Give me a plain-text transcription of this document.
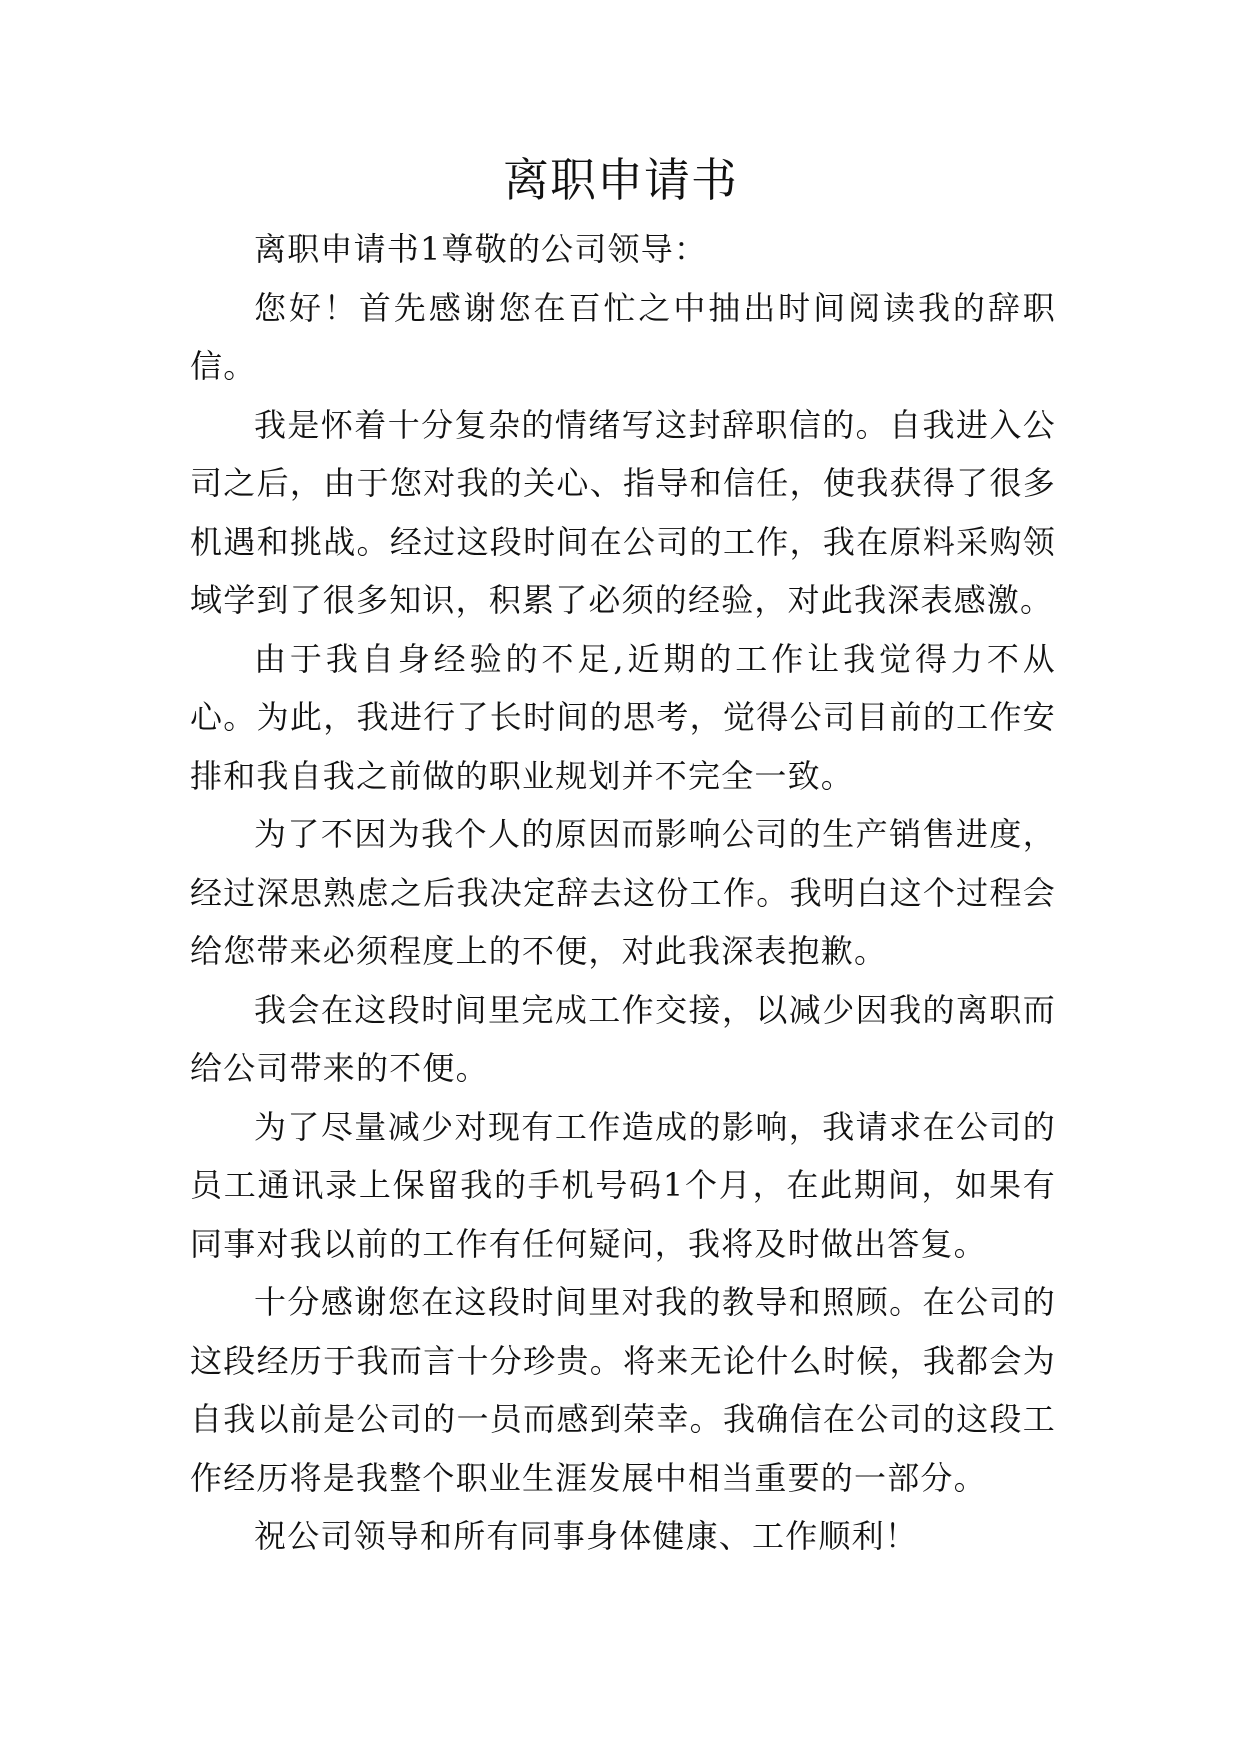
离职申请书

离职申请书1尊敬的公司领导：

您好！首先感谢您在百忙之中抽出时间阅读我的辞职信。

我是怀着十分复杂的情绪写这封辞职信的。自我进入公司之后，由于您对我的关心、指导和信任，使我获得了很多机遇和挑战。经过这段时间在公司的工作，我在原料采购领域学到了很多知识，积累了必须的经验，对此我深表感激。

由于我自身经验的不足,近期的工作让我觉得力不从心。为此，我进行了长时间的思考，觉得公司目前的工作安排和我自我之前做的职业规划并不完全一致。

为了不因为我个人的原因而影响公司的生产销售进度，经过深思熟虑之后我决定辞去这份工作。我明白这个过程会给您带来必须程度上的不便，对此我深表抱歉。

我会在这段时间里完成工作交接，以减少因我的离职而给公司带来的不便。

为了尽量减少对现有工作造成的影响，我请求在公司的员工通讯录上保留我的手机号码1个月，在此期间，如果有同事对我以前的工作有任何疑问，我将及时做出答复。

十分感谢您在这段时间里对我的教导和照顾。在公司的这段经历于我而言十分珍贵。将来无论什么时候，我都会为自我以前是公司的一员而感到荣幸。我确信在公司的这段工作经历将是我整个职业生涯发展中相当重要的一部分。

祝公司领导和所有同事身体健康、工作顺利！
